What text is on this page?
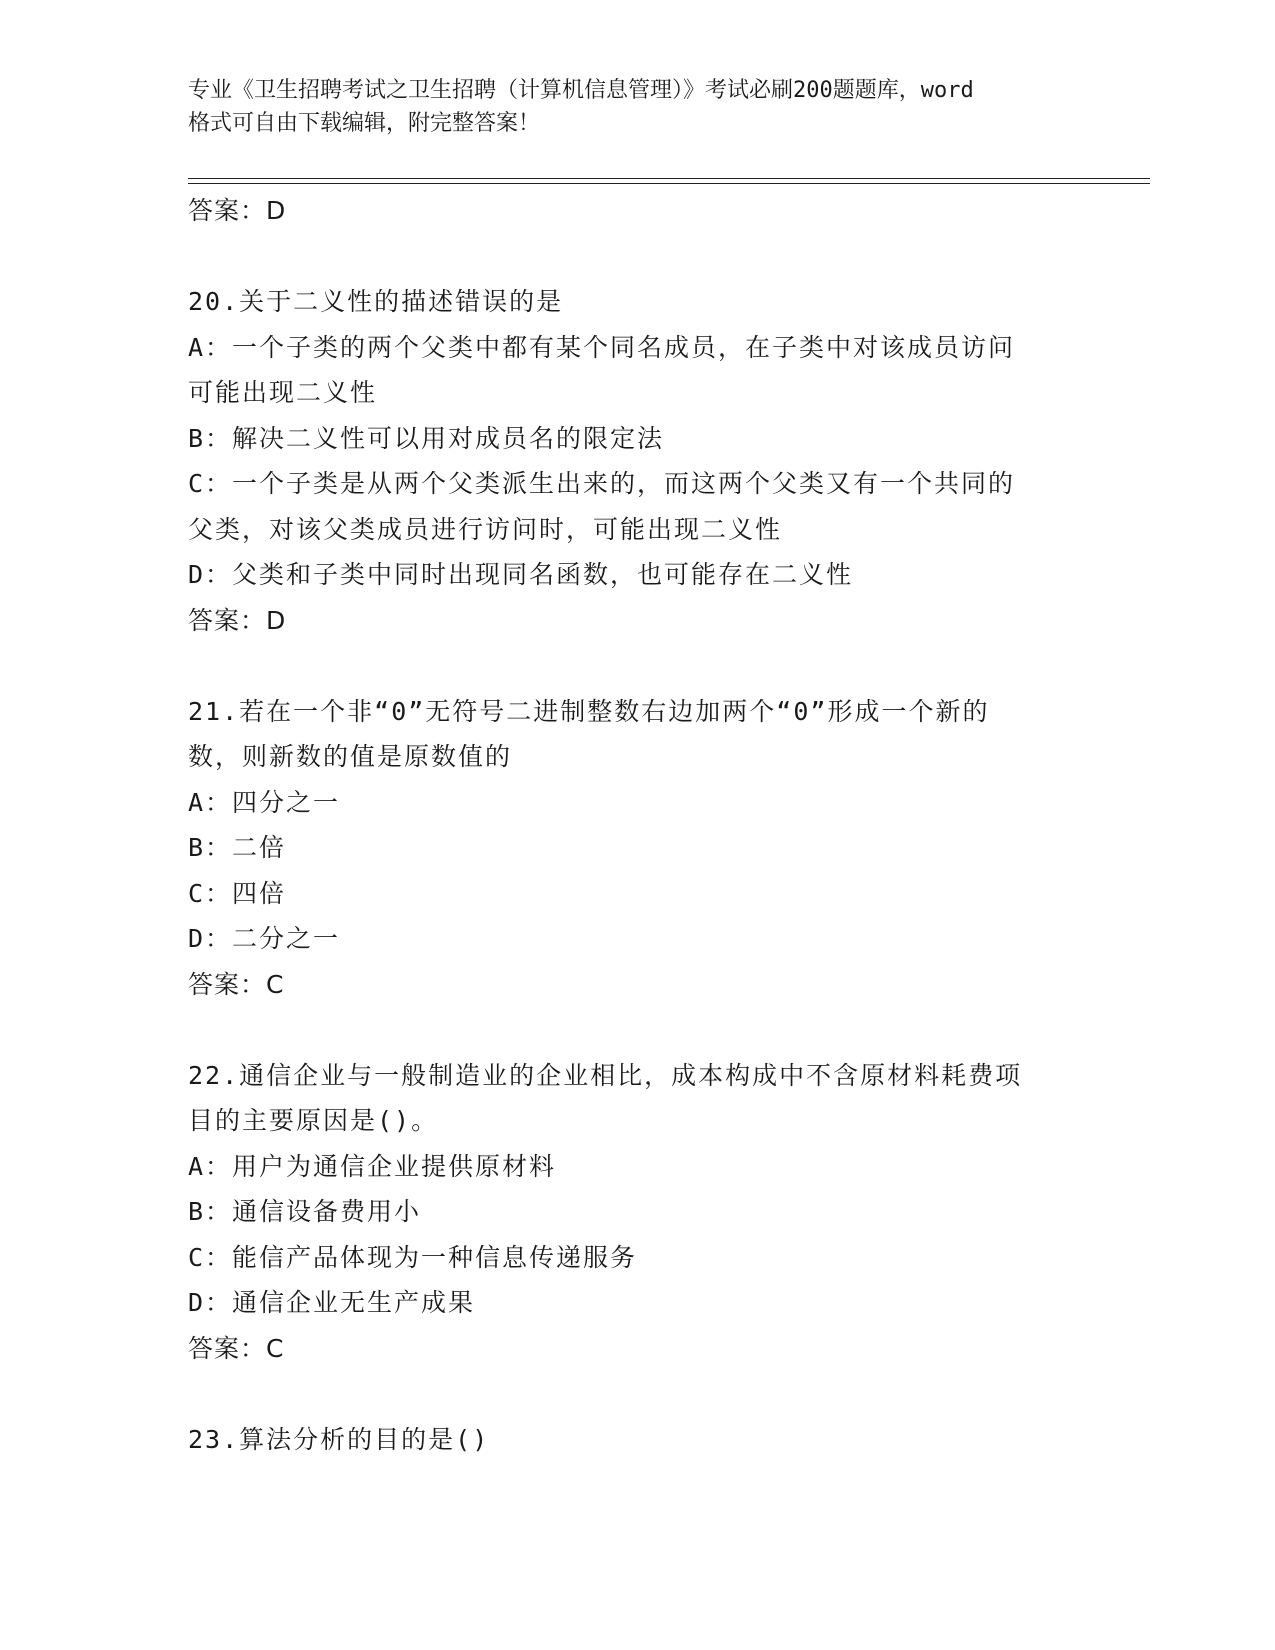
专业《卫生招聘考试之卫生招聘（计算机信息管理）》考试必刷200题题库，word
格式可自由下载编辑，附完整答案！
答案：D
20.关于二义性的描述错误的是
A：一个子类的两个父类中都有某个同名成员，在子类中对该成员访问
可能出现二义性
B：解决二义性可以用对成员名的限定法
C：一个子类是从两个父类派生出来的，而这两个父类又有一个共同的
父类，对该父类成员进行访问时，可能出现二义性
D：父类和子类中同时出现同名函数，也可能存在二义性
答案：D
21.若在一个非“0”无符号二进制整数右边加两个“0”形成一个新的
数，则新数的值是原数值的
A：四分之一
B：二倍
C：四倍
D：二分之一
答案：C
22.通信企业与一般制造业的企业相比，成本构成中不含原材料耗费项
目的主要原因是()。
A：用户为通信企业提供原材料
B：通信设备费用小
C：能信产品体现为一种信息传递服务
D：通信企业无生产成果
答案：C
23.算法分析的目的是()
